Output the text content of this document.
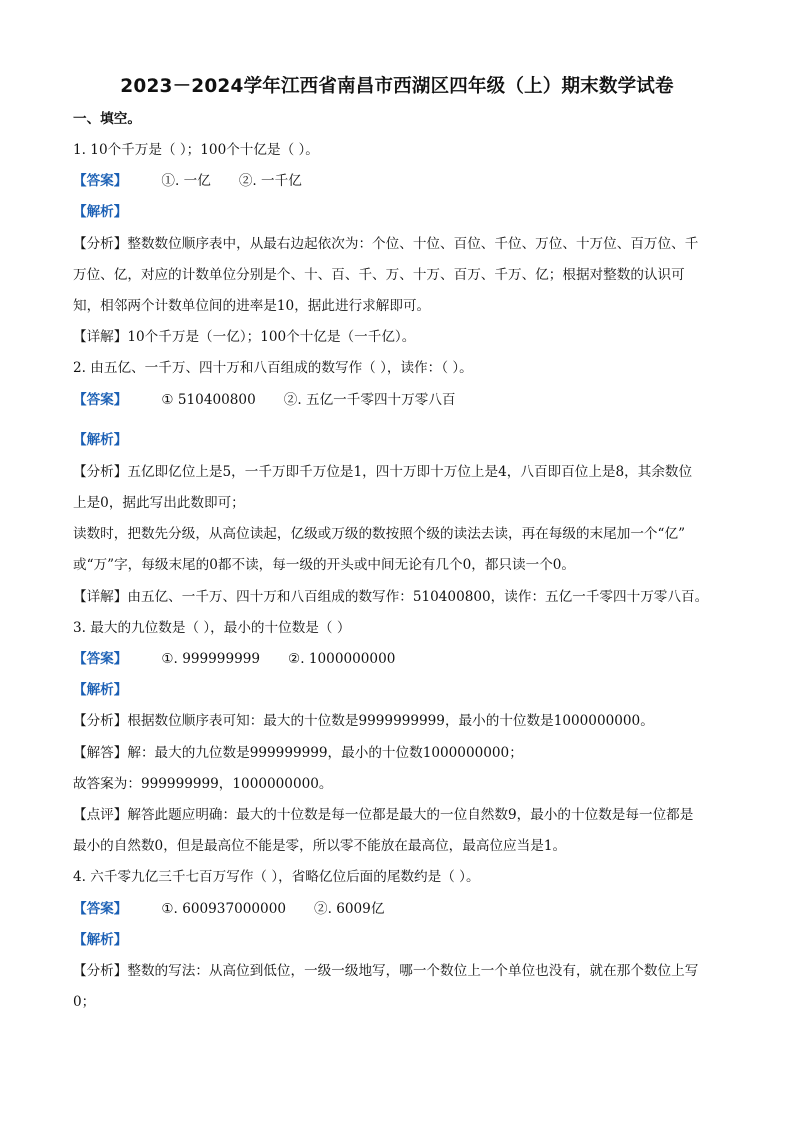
2023－2024学年江西省南昌市西湖区四年级（上）期末数学试卷
一、填空。
1. 10个千万是（ ）；100个十亿是（ ）。
【答案】	①. 一亿 ②. 一千亿
【解析】
【分析】整数数位顺序表中，从最右边起依次为：个位、十位、百位、千位、万位、十万位、百万位、千
万位、亿，对应的计数单位分别是个、十、百、千、万、十万、百万、千万、亿；根据对整数的认识可
知，相邻两个计数单位间的进率是10，据此进行求解即可。
【详解】10个千万是（一亿）；100个十亿是（一千亿）。
2. 由五亿、一千万、四十万和八百组成的数写作（ ），读作：（ ）。
【答案】	① 510400800 ②. 五亿一千零四十万零八百
【解析】
【分析】五亿即亿位上是5，一千万即千万位是1，四十万即十万位上是4，八百即百位上是8，其余数位
上是0，据此写出此数即可；
读数时，把数先分级，从高位读起，亿级或万级的数按照个级的读法去读，再在每级的末尾加一个“亿”
或“万”字，每级末尾的0都不读，每一级的开头或中间无论有几个0，都只读一个0。
【详解】由五亿、一千万、四十万和八百组成的数写作：510400800，读作：五亿一千零四十万零八百。
3. 最大的九位数是（ ），最小的十位数是（ ）
【答案】	①. 999999999 ②. 1000000000
【解析】
【分析】根据数位顺序表可知：最大的十位数是9999999999，最小的十位数是1000000000。
【解答】解：最大的九位数是999999999，最小的十位数1000000000；
故答案为：999999999，1000000000。
【点评】解答此题应明确：最大的十位数是每一位都是最大的一位自然数9，最小的十位数是每一位都是
最小的自然数0，但是最高位不能是零，所以零不能放在最高位，最高位应当是1。
4. 六千零九亿三千七百万写作（ ），省略亿位后面的尾数约是（ ）。
【答案】	①. 600937000000 ②. 6009亿
【解析】
【分析】整数的写法：从高位到低位，一级一级地写，哪一个数位上一个单位也没有，就在那个数位上写
0；
